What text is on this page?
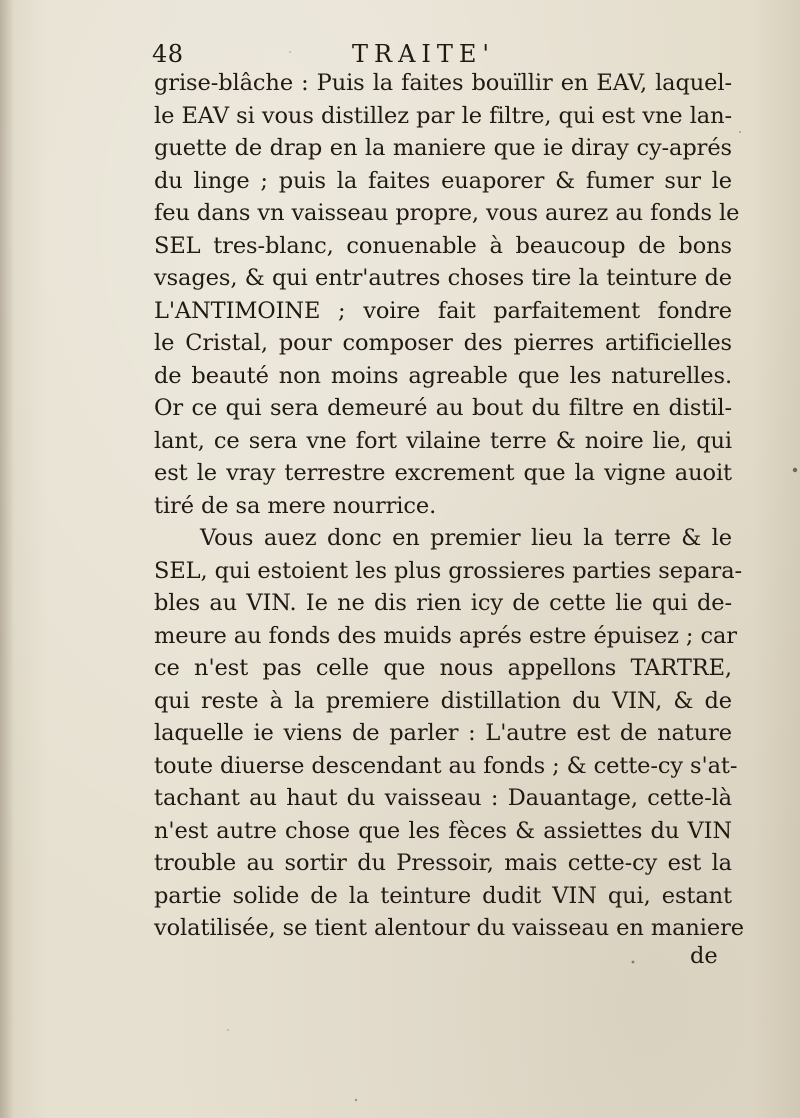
48	TRAITE'
grise-blâche : Puis la faites bouïllir en EAV, laquel-
le EAV si vous distillez par le filtre, qui est vne lan-
guette de drap en la maniere que ie diray cy-aprés
du linge ; puis la faites euaporer & fumer sur le
feu dans vn vaisseau propre, vous aurez au fonds le
SEL tres-blanc, conuenable à beaucoup de bons
vsages, & qui entr'autres choses tire la teinture de
L'ANTIMOINE ; voire fait parfaitement fondre
le Cristal, pour composer des pierres artificielles
de beauté non moins agreable que les naturelles.
Or ce qui sera demeuré au bout du filtre en distil-
lant, ce sera vne fort vilaine terre & noire lie, qui
est le vray terrestre excrement que la vigne auoit
tiré de sa mere nourrice.
Vous auez donc en premier lieu la terre & le
SEL, qui estoient les plus grossieres parties separa-
bles au VIN. Ie ne dis rien icy de cette lie qui de-
meure au fonds des muids aprés estre épuisez ; car
ce n'est pas celle que nous appellons TARTRE,
qui reste à la premiere distillation du VIN, & de
laquelle ie viens de parler : L'autre est de nature
toute diuerse descendant au fonds ; & cette-cy s'at-
tachant au haut du vaisseau : Dauantage, cette-là
n'est autre chose que les fèces & assiettes du VIN
trouble au sortir du Pressoir, mais cette-cy est la
partie solide de la teinture dudit VIN qui, estant
volatilisée, se tient alentour du vaisseau en maniere
de
